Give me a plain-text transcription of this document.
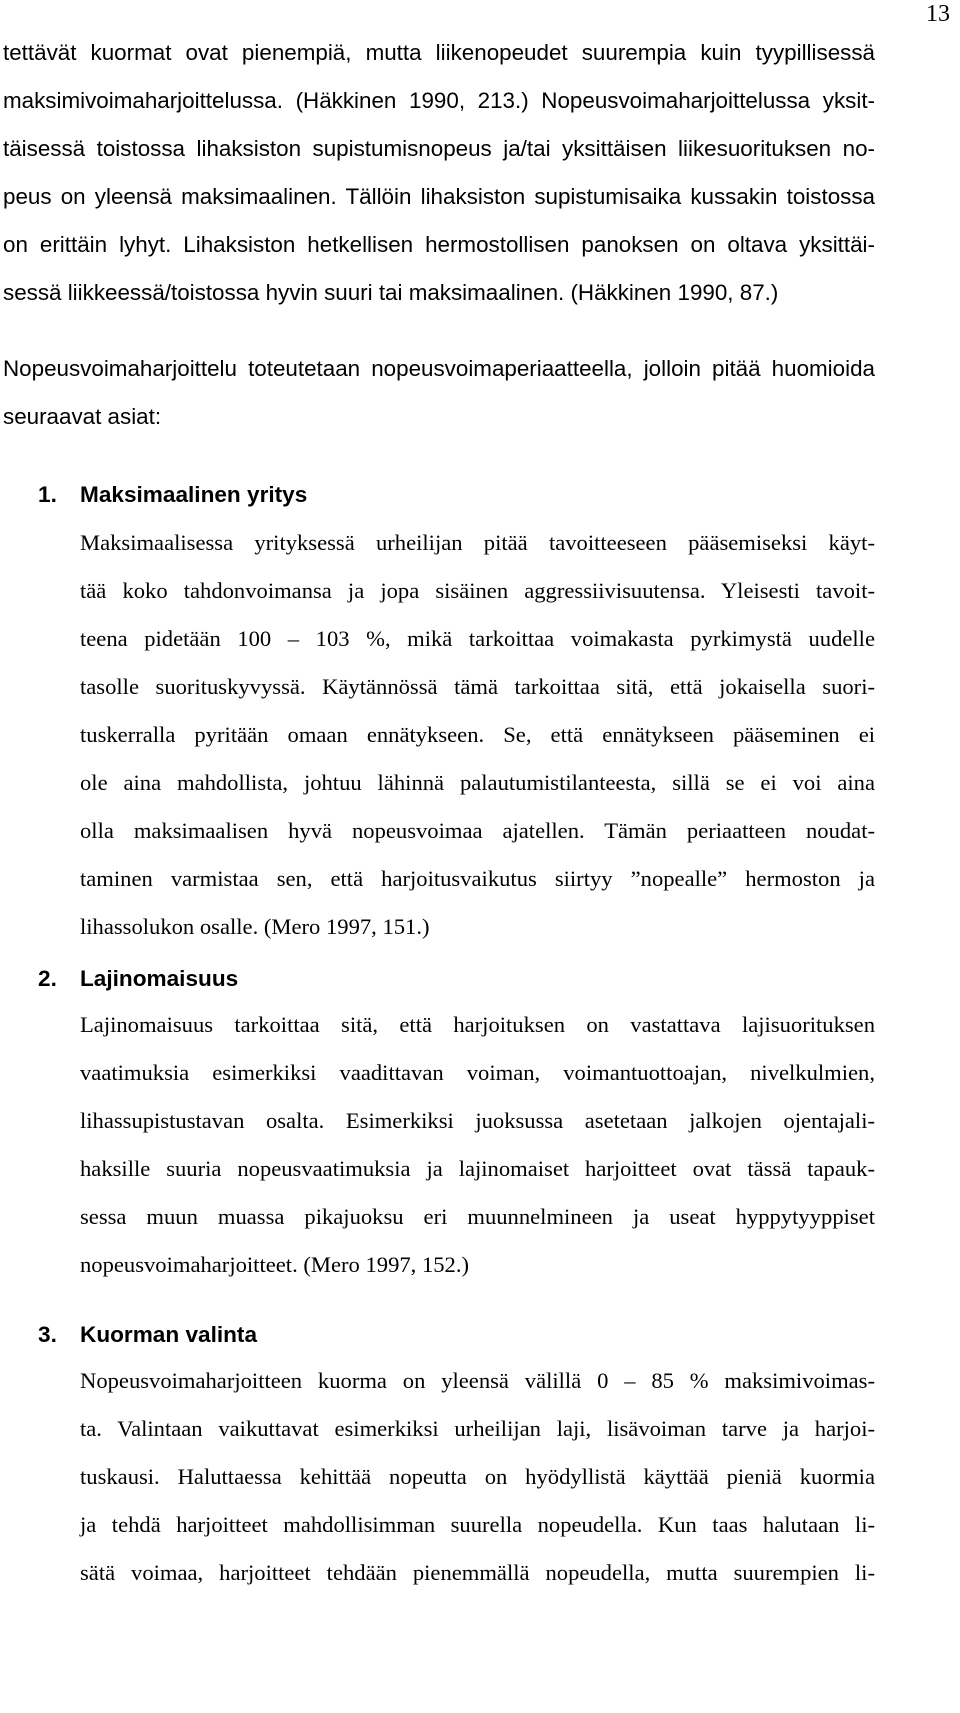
13

tettävät kuormat ovat pienempiä, mutta liikenopeudet suurempia kuin tyypillisessä

maksimivoimaharjoittelussa. (Häkkinen 1990, 213.) Nopeusvoimaharjoittelussa yksit-

täisessä toistossa lihaksiston supistumisnopeus ja/tai yksittäisen liikesuorituksen no-

peus on yleensä maksimaalinen. Tällöin lihaksiston supistumisaika kussakin toistossa

on erittäin lyhyt. Lihaksiston hetkellisen hermostollisen panoksen on oltava yksittäi-

sessä liikkeessä/toistossa hyvin suuri tai maksimaalinen. (Häkkinen 1990, 87.)

Nopeusvoimaharjoittelu toteutetaan nopeusvoimaperiaatteella, jolloin pitää huomioida

seuraavat asiat:

1. Maksimaalinen yritys

Maksimaalisessa yrityksessä urheilijan pitää tavoitteeseen pääsemiseksi käyt-

tää koko tahdonvoimansa ja jopa sisäinen aggressiivisuutensa. Yleisesti tavoit-

teena pidetään 100 – 103 %, mikä tarkoittaa voimakasta pyrkimystä uudelle

tasolle suorituskyvyssä. Käytännössä tämä tarkoittaa sitä, että jokaisella suori-

tuskerralla pyritään omaan ennätykseen. Se, että ennätykseen pääseminen ei

ole aina mahdollista, johtuu lähinnä palautumistilanteesta, sillä se ei voi aina

olla maksimaalisen hyvä nopeusvoimaa ajatellen. Tämän periaatteen noudat-

taminen varmistaa sen, että harjoitusvaikutus siirtyy ”nopealle” hermoston ja

lihassolukon osalle. (Mero 1997, 151.)

2. Lajinomaisuus

Lajinomaisuus tarkoittaa sitä, että harjoituksen on vastattava lajisuorituksen

vaatimuksia esimerkiksi vaadittavan voiman, voimantuottoajan, nivelkulmien,

lihassupistustavan osalta. Esimerkiksi juoksussa asetetaan jalkojen ojentajali-

haksille suuria nopeusvaatimuksia ja lajinomaiset harjoitteet ovat tässä tapauk-

sessa muun muassa pikajuoksu eri muunnelmineen ja useat hyppytyyppiset

nopeusvoimaharjoitteet. (Mero 1997, 152.)

3. Kuorman valinta

Nopeusvoimaharjoitteen kuorma on yleensä välillä 0 – 85 % maksimivoimas-

ta. Valintaan vaikuttavat esimerkiksi urheilijan laji, lisävoiman tarve ja harjoi-

tuskausi. Haluttaessa kehittää nopeutta on hyödyllistä käyttää pieniä kuormia

ja tehdä harjoitteet mahdollisimman suurella nopeudella. Kun taas halutaan li-

sätä voimaa, harjoitteet tehdään pienemmällä nopeudella, mutta suurempien li-
